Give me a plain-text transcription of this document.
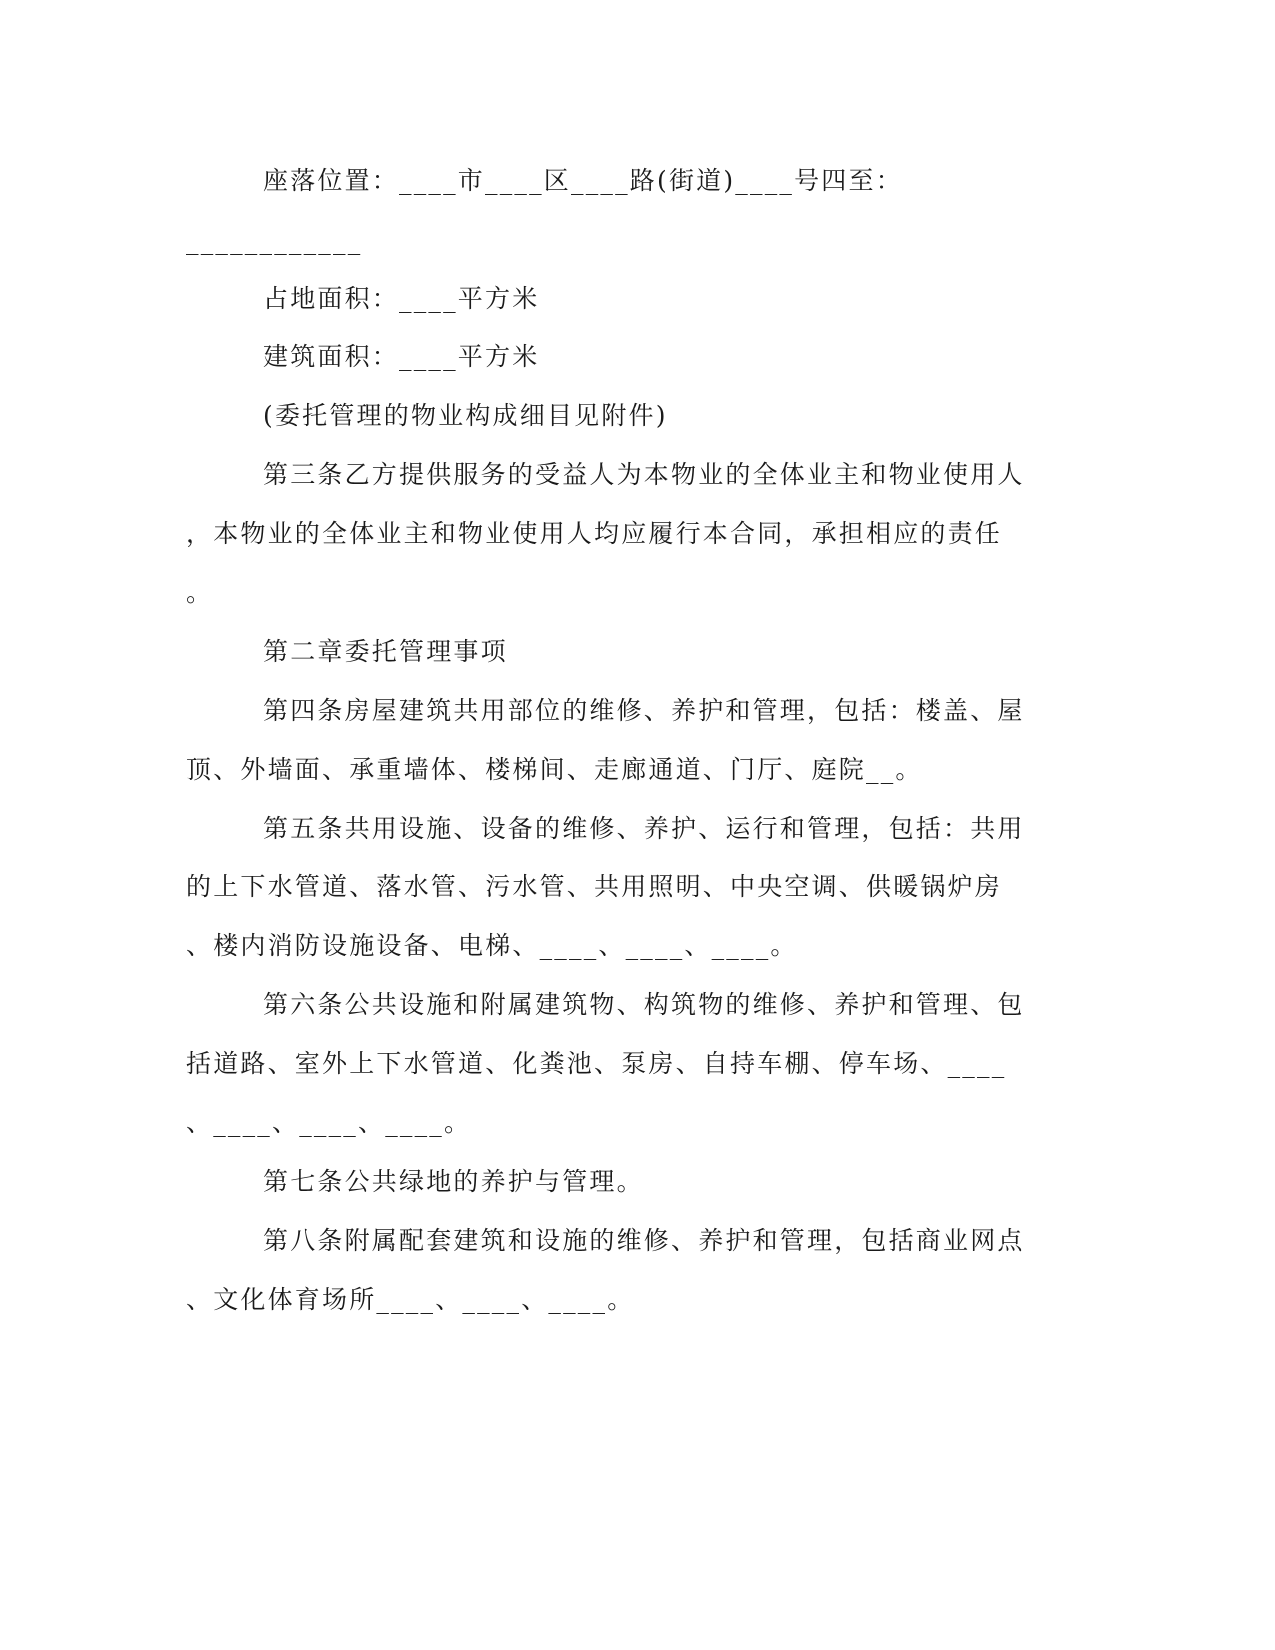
座落位置：____市____区____路(街道)____号四至：
____________
占地面积：____平方米
建筑面积：____平方米
(委托管理的物业构成细目见附件)
第三条乙方提供服务的受益人为本物业的全体业主和物业使用人
，本物业的全体业主和物业使用人均应履行本合同，承担相应的责任
。
第二章委托管理事项
第四条房屋建筑共用部位的维修、养护和管理，包括：楼盖、屋
顶、外墙面、承重墙体、楼梯间、走廊通道、门厅、庭院__。
第五条共用设施、设备的维修、养护、运行和管理，包括：共用
的上下水管道、落水管、污水管、共用照明、中央空调、供暖锅炉房
、楼内消防设施设备、电梯、____、____、____。
第六条公共设施和附属建筑物、构筑物的维修、养护和管理、包
括道路、室外上下水管道、化粪池、泵房、自持车棚、停车场、____
、____、____、____。
第七条公共绿地的养护与管理。
第八条附属配套建筑和设施的维修、养护和管理，包括商业网点
、文化体育场所____、____、____。
